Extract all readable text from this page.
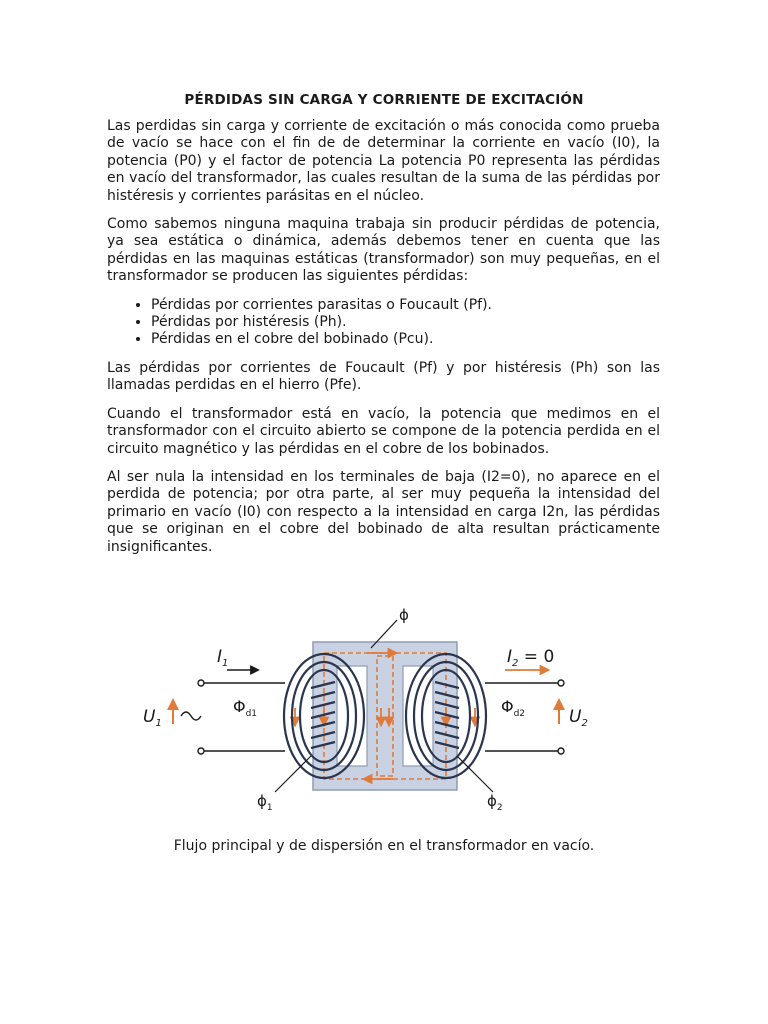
PÉRDIDAS SIN CARGA Y CORRIENTE DE EXCITACIÓN

Las perdidas sin carga y corriente de excitación o más conocida como prueba de vacío se hace con el fin de de determinar la corriente en vacío (I0), la potencia (P0) y el factor de potencia La potencia P0 representa las pérdidas en vacío del transformador, las cuales resultan de la suma de las pérdidas por histéresis y corrientes parásitas en el núcleo.

Como sabemos ninguna maquina trabaja sin producir pérdidas de potencia, ya sea estática o dinámica, además debemos tener en cuenta que las pérdidas en las maquinas estáticas (transformador) son muy pequeñas, en el transformador se producen las siguientes pérdidas:

• Pérdidas por corrientes parasitas o Foucault (Pf).
• Pérdidas por histéresis (Ph).
• Pérdidas en el cobre del bobinado (Pcu).

Las pérdidas por corrientes de Foucault (Pf) y por histéresis (Ph) son las llamadas perdidas en el hierro (Pfe).

Cuando el transformador está en vacío, la potencia que medimos en el transformador con el circuito abierto se compone de la potencia perdida en el circuito magnético y las pérdidas en el cobre de los bobinados.

Al ser nula la intensidad en los terminales de baja (I2=0), no aparece en el perdida de potencia; por otra parte, al ser muy pequeña la intensidad del primario en vacío (I0) con respecto a la intensidad en carga I2n, las pérdidas que se originan en el cobre del bobinado de alta resultan prácticamente insignificantes.

ϕ
$I_1$	$I_2 = 0$
$U_1$	$U_2$
$\Phi_{d1}$	$\Phi_{d2}$
$\phi_1$	$\phi_2$
Flujo principal y de dispersión en el transformador en vacío.
